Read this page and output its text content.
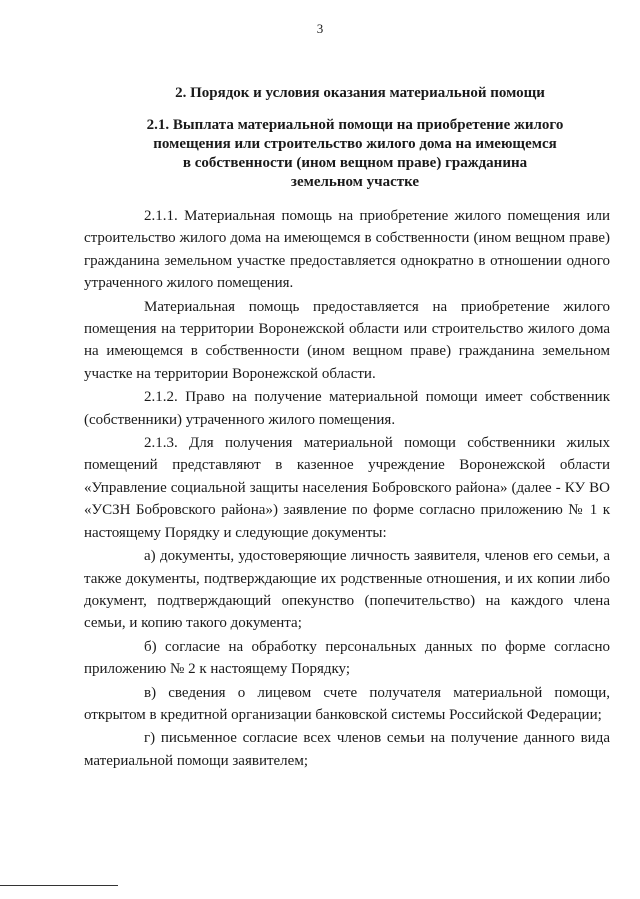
3
2. Порядок и условия оказания материальной помощи
2.1. Выплата материальной помощи на приобретение жилого
помещения или строительство жилого дома на имеющемся
в собственности (ином вещном праве) гражданина
земельном участке

2.1.1. Материальная помощь на приобретение жилого помещения или строительство жилого дома на имеющемся в собственности (ином вещном праве) гражданина земельном участке предоставляется однократно в отношении одного утраченного жилого помещения.

Материальная помощь предоставляется на приобретение жилого помещения на территории Воронежской области или строительство жилого дома на имеющемся в собственности (ином вещном праве) гражданина земельном участке на территории Воронежской области.

2.1.2. Право на получение материальной помощи имеет собственник (собственники) утраченного жилого помещения.

2.1.3. Для получения материальной помощи собственники жилых помещений представляют в казенное учреждение Воронежской области «Управление социальной защиты населения Бобровского района» (далее - КУ ВО «УСЗН Бобровского района») заявление по форме согласно приложению № 1 к настоящему Порядку и следующие документы:

а) документы, удостоверяющие личность заявителя, членов его семьи, а также документы, подтверждающие их родственные отношения, и их копии либо документ, подтверждающий опекунство (попечительство) на каждого члена семьи, и копию такого документа;

б) согласие на обработку персональных данных по форме согласно приложению № 2 к настоящему Порядку;

в) сведения о лицевом счете получателя материальной помощи, открытом в кредитной организации банковской системы Российской Федерации;

г) письменное согласие всех членов семьи на получение данного вида материальной помощи заявителем;
